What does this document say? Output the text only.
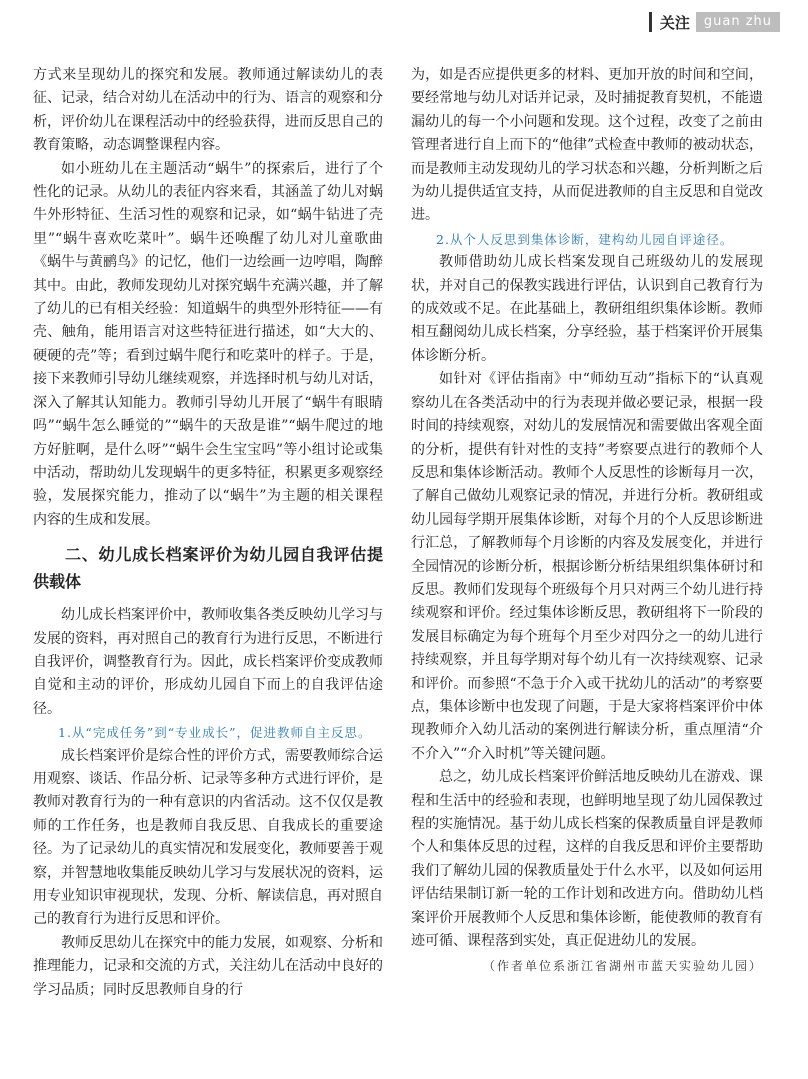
关注	guan zhu

方式来呈现幼儿的探究和发展。教师通过解读幼儿的表征、记录，结合对幼儿在活动中的行为、语言的观察和分析，评价幼儿在课程活动中的经验获得，进而反思自己的教育策略，动态调整课程内容。

如小班幼儿在主题活动“蜗牛”的探索后，进行了个性化的记录。从幼儿的表征内容来看，其涵盖了幼儿对蜗牛外形特征、生活习性的观察和记录，如“蜗牛钻进了壳里”“蜗牛喜欢吃菜叶”。蜗牛还唤醒了幼儿对儿童歌曲《蜗牛与黄鹂鸟》的记忆，他们一边绘画一边哼唱，陶醉其中。由此，教师发现幼儿对探究蜗牛充满兴趣，并了解了幼儿的已有相关经验：知道蜗牛的典型外形特征——有壳、触角，能用语言对这些特征进行描述，如“大大的、硬硬的壳”等；看到过蜗牛爬行和吃菜叶的样子。于是，接下来教师引导幼儿继续观察，并选择时机与幼儿对话，深入了解其认知能力。教师引导幼儿开展了“蜗牛有眼睛吗”“蜗牛怎么睡觉的”“蜗牛的天敌是谁”“蜗牛爬过的地方好脏啊，是什么呀”“蜗牛会生宝宝吗”等小组讨论或集中活动，帮助幼儿发现蜗牛的更多特征，积累更多观察经验，发展探究能力，推动了以“蜗牛”为主题的相关课程内容的生成和发展。

二、幼儿成长档案评价为幼儿园自我评估提供载体

幼儿成长档案评价中，教师收集各类反映幼儿学习与发展的资料，再对照自己的教育行为进行反思，不断进行自我评价，调整教育行为。因此，成长档案评价变成教师自觉和主动的评价，形成幼儿园自下而上的自我评估途径。

1.从“完成任务”到“专业成长”，促进教师自主反思。

成长档案评价是综合性的评价方式，需要教师综合运用观察、谈话、作品分析、记录等多种方式进行评价，是教师对教育行为的一种有意识的内省活动。这不仅仅是教师的工作任务，也是教师自我反思、自我成长的重要途径。为了记录幼儿的真实情况和发展变化，教师要善于观察，并智慧地收集能反映幼儿学习与发展状况的资料，运用专业知识审视现状，发现、分析、解读信息，再对照自己的教育行为进行反思和评价。

教师反思幼儿在探究中的能力发展，如观察、分析和推理能力，记录和交流的方式，关注幼儿在活动中良好的学习品质；同时反思教师自身的行

为，如是否应提供更多的材料、更加开放的时间和空间，要经常地与幼儿对话并记录，及时捕捉教育契机，不能遗漏幼儿的每一个小问题和发现。这个过程，改变了之前由管理者进行自上而下的“他律”式检查中教师的被动状态，而是教师主动发现幼儿的学习状态和兴趣，分析判断之后为幼儿提供适宜支持，从而促进教师的自主反思和自觉改进。

2.从个人反思到集体诊断，建构幼儿园自评途径。

教师借助幼儿成长档案发现自己班级幼儿的发展现状，并对自己的保教实践进行评估，认识到自己教育行为的成效或不足。在此基础上，教研组组织集体诊断。教师相互翻阅幼儿成长档案，分享经验，基于档案评价开展集体诊断分析。

如针对《评估指南》中“师幼互动”指标下的“认真观察幼儿在各类活动中的行为表现并做必要记录，根据一段时间的持续观察，对幼儿的发展情况和需要做出客观全面的分析，提供有针对性的支持”考察要点进行的教师个人反思和集体诊断活动。教师个人反思性的诊断每月一次，了解自己做幼儿观察记录的情况，并进行分析。教研组或幼儿园每学期开展集体诊断，对每个月的个人反思诊断进行汇总，了解教师每个月诊断的内容及发展变化，并进行全园情况的诊断分析，根据诊断分析结果组织集体研讨和反思。教师们发现每个班级每个月只对两三个幼儿进行持续观察和评价。经过集体诊断反思，教研组将下一阶段的发展目标确定为每个班每个月至少对四分之一的幼儿进行持续观察，并且每学期对每个幼儿有一次持续观察、记录和评价。而参照“不急于介入或干扰幼儿的活动”的考察要点，集体诊断中也发现了问题，于是大家将档案评价中体现教师介入幼儿活动的案例进行解读分析，重点厘清“介不介入”“介入时机”等关键问题。

总之，幼儿成长档案评价鲜活地反映幼儿在游戏、课程和生活中的经验和表现，也鲜明地呈现了幼儿园保教过程的实施情况。基于幼儿成长档案的保教质量自评是教师个人和集体反思的过程，这样的自我反思和评价主要帮助我们了解幼儿园的保教质量处于什么水平，以及如何运用评估结果制订新一轮的工作计划和改进方向。借助幼儿档案评价开展教师个人反思和集体诊断，能使教师的教育有迹可循、课程落到实处，真正促进幼儿的发展。

（作者单位系浙江省湖州市蓝天实验幼儿园）
